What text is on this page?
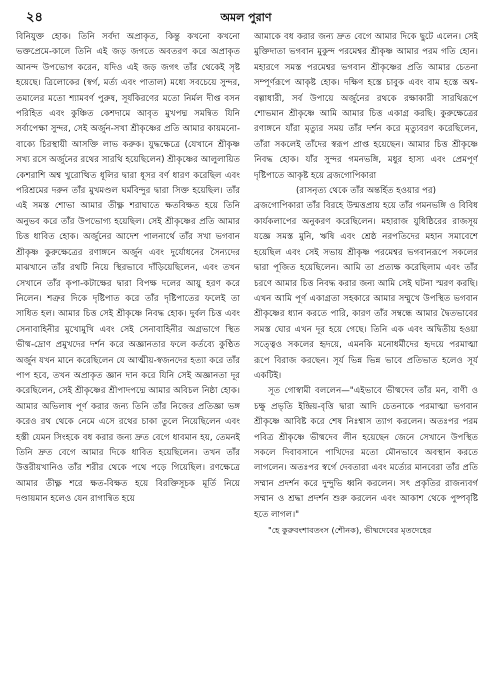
২৪	অমল পুরাণ

বিনিযুক্ত হোক। তিনি সর্বদা অপ্রাকৃত, কিন্তু কখনো কখনো ভক্তপ্রেমে-কালে তিনি এই জড় জগতে অবতরণ করে অপ্রাকৃত আনন্দ উপভোগ করেন, যদিও এই জড় জগৎ তাঁর থেকেই সৃষ্ট হয়েছে। ত্রিলোকের (স্বর্গ, মর্ত্য এবং পাতাল) মধ্যে সবচেয়ে সুন্দর, তমালের মতো শ্যামবর্ণ পুরুষ, সূর্যকিরণের মতো নির্মল দীপ্ত বসন পরিহিত এবং কুঞ্চিত কেশদামে আবৃত মুখপদ্ম সমন্বিত যিনি সর্বাপেক্ষা সুন্দর, সেই অর্জুন-সখা শ্রীকৃষ্ণের প্রতি আমার কায়মনো-বাক্যে চিরস্থায়ী আসক্তি লাভ করুক। যুদ্ধক্ষেত্রে (যেখানে শ্রীকৃষ্ণ সখ্য রসে অর্জুনের রথের সারথি হয়েছিলেন) শ্রীকৃষ্ণের আলুলায়িত কেশরাশি অশ্ব খুরোত্থিত ধূলির দ্বারা ধূসর বর্ণ ধারণ করেছিল এবং পরিশ্রমের দরুন তাঁর মুখমণ্ডল ঘর্মবিন্দুর দ্বারা সিক্ত হয়েছিল। তাঁর এই সমস্ত শোভা আমার তীক্ষ্ণ শরাঘাতে ক্ষতবিক্ষত হয়ে তিনি অনুভব করে তাঁর উপভোগ্য হয়েছিল। সেই শ্রীকৃষ্ণের প্রতি আমার চিত্ত ধাবিত হোক। অর্জুনের আদেশ পালনার্থে তাঁর সখা ভগবান শ্রীকৃষ্ণ কুরুক্ষেত্রের রণাঙ্গনে অর্জুন এবং দুর্যোধনের সৈন্যদের মাঝখানে তাঁর রথটি নিয়ে স্থিরভাবে দাঁড়িয়েছিলেন, এবং তখন সেখানে তাঁর কৃপা-কটাক্ষের দ্বারা বিপক্ষ দলের আয়ু হরণ করে নিলেন। শত্রুর দিকে দৃষ্টিপাত করে তাঁর দৃষ্টিপাতের ফলেই তা সাধিত হল। আমার চিত্ত সেই শ্রীকৃষ্ণে নিবদ্ধ হোক। দুর্বল চিত্ত এবং সেনাবাহিনীর মুখোমুখি এবং সেই সেনাবাহিনীর অগ্রভাগে স্থিত ভীষ্ম-দ্রোণ প্রমুখদের দর্শন করে অজ্ঞানতার ফলে কর্তব্যে কুণ্ঠিত অর্জুন যখন মানে করেছিলেন যে আত্মীয়-স্বজনদের হত্যা করে তাঁর পাপ হবে, তখন অপ্রাকৃত জ্ঞান দান করে যিনি সেই অজ্ঞানতা দূর করেছিলেন, সেই শ্রীকৃষ্ণের শ্রীপাদপদ্মে আমার অবিচল নিষ্ঠা হোক। আমার অভিলাষ পূর্ণ করার জন্য তিনি তাঁর নিজের প্রতিজ্ঞা ভঙ্গ করেও রথ থেকে নেমে এসে রথের চাকা তুলে নিয়েছিলেন এবং হস্তী যেমন সিংহকে বধ করার জন্য দ্রুত বেগে ধাবমান হয়, তেমনই তিনি দ্রুত বেগে আমার দিকে ধাবিত হয়েছিলেন। তখন তাঁর উত্তরীয়খানিও তাঁর শরীর থেকে পথে পড়ে গিয়েছিল। রণক্ষেত্রে আমার তীক্ষ্ণ শরে ক্ষত-বিক্ষত হয়ে বিরক্তিসূচক মূর্তি নিয়ে দণ্ডায়মান হলেও যেন রাগান্বিত হয়ে

আমাকে বধ করার জন্য দ্রুত বেগে আমার দিকে ছুটে এলেন। সেই মুক্তিদাতা ভগবান মুকুন্দ পরমেশ্বর শ্রীকৃষ্ণ আমার পরম গতি হোন। মহারণে সমস্ত পরমেশ্বর ভগবান শ্রীকৃষ্ণের প্রতি আমার চেতনা সম্পূর্ণরূপে আকৃষ্ট হোক। দক্ষিণ হস্তে চাবুক এবং বাম হস্তে অশ্ব-বল্গাধারী, সর্ব উপায়ে অর্জুনের রথকে রক্ষাকারী সারথিরূপে শোভমান শ্রীকৃষ্ণে আমি আমার চিত্ত একাগ্র করছি। কুরুক্ষেত্রের রণাঙ্গনে যাঁরা মৃত্যুর সময় তাঁর দর্শন করে মৃত্যুবরণ করেছিলেন, তাঁরা সকলেই তাঁদের স্বরূপ প্রাপ্ত হয়েছেন। আমার চিত্ত শ্রীকৃষ্ণে নিবদ্ধ হোক। যাঁর সুন্দর গমনভঙ্গি, মধুর হাস্য এবং প্রেমপূর্ণ দৃষ্টিপাতে আকৃষ্ট হয়ে ব্রজগোপিকারা

(রাসনৃত্য থেকে তাঁর অন্তর্হিত হওয়ার পর)

ব্রজগোপিকারা তাঁর বিরহে উন্মত্তপ্রায় হয়ে তাঁর গমনভঙ্গি ও বিবিধ কার্যকলাপের অনুকরণ করেছিলেন। মহারাজ যুধিষ্ঠিরের রাজসূয় যজ্ঞে সমস্ত মুনি, ঋষি এবং শ্রেষ্ঠ নরপতিদের মহান সমাবেশে হয়েছিল এবং সেই সভায় শ্রীকৃষ্ণ পরমেশ্বর ভগবানরূপে সকলের দ্বারা পূজিত হয়েছিলেন। আমি তা প্রত্যক্ষ করেছিলাম এবং তাঁর চরণে আমার চিত্ত নিবদ্ধ করার জন্য আমি সেই ঘটনা স্মরণ করছি। এখন আমি পূর্ণ একাগ্রতা সহকারে আমার সম্মুখে উপস্থিত ভগবান শ্রীকৃষ্ণের ধ্যান করতে পারি, কারণ তাঁর সম্বন্ধে আমার দ্বৈতভাবের সমস্ত ঘোর এখন দূর হয়ে গেছে। তিনি এক এবং অদ্বিতীয় হওয়া সত্ত্বেও সকলের হৃদয়ে, এমনকি মনোধর্মীদের হৃদয়ে পরমাত্মা রূপে বিরাজ করছেন। সূর্য ভিন্ন ভিন্ন ভাবে প্রতিভাত হলেও সূর্য একটিই।

সূত গোস্বামী বললেন—"এইভাবে ভীষ্মদেব তাঁর মন, বাণী ও চক্ষু প্রভৃতি ইন্দ্রিয়-বৃত্তি দ্বারা আদি চেতনাকে পরমাত্মা ভগবান শ্রীকৃষ্ণে আবিষ্ট করে শেষ নিঃশ্বাস ত্যাগ করলেন। অতঃপর পরম পবিত্র শ্রীকৃষ্ণে ভীষ্মদেব লীন হয়েছেন জেনে সেখানে উপস্থিত সকলে দিবাবসানে পাখিদের মতো মৌনভাবে অবস্থান করতে লাগলেন। অতঃপর স্বর্গে দেবতারা এবং মর্ত্যের মানবেরা তাঁর প্রতি সম্মান প্রদর্শন করে দুন্দুভি ধ্বনি করলেন। সৎ প্রকৃতির রাজন্যবর্গ সম্মান ও শ্রদ্ধা প্রদর্শন শুরু করলেন এবং আকাশ থেকে পুষ্পবৃষ্টি হতে লাগল।"

"হে কুরুবংশাবতংস (শৌনক), ভীষ্মদেবের মৃতদেহের
